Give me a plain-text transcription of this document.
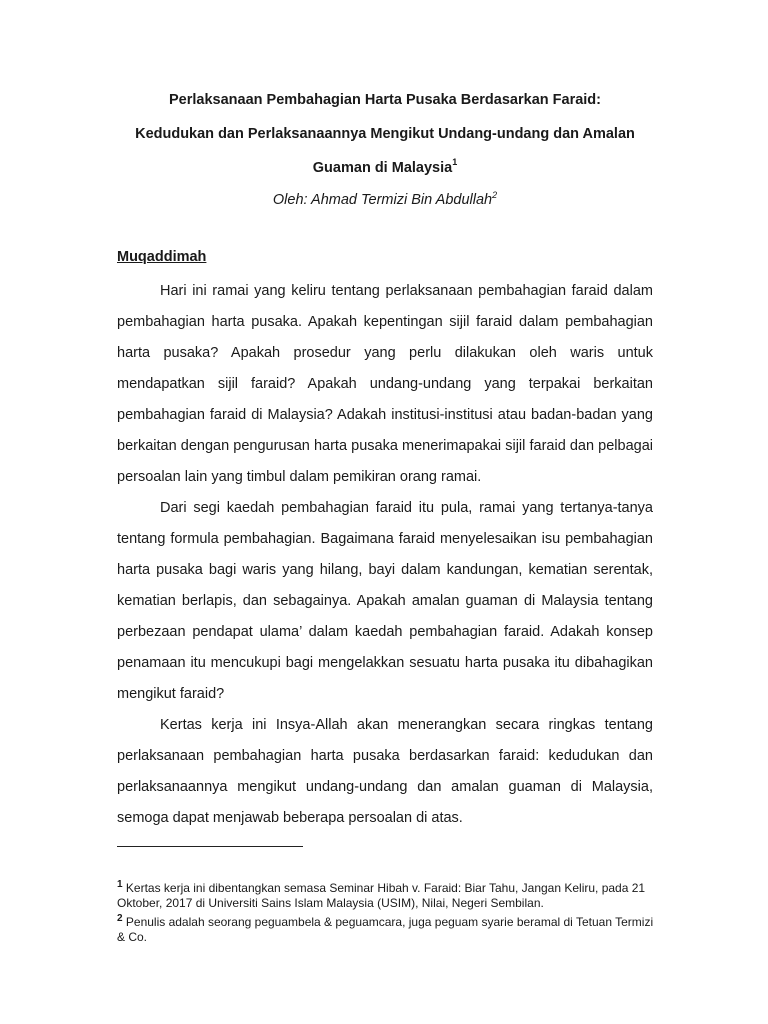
Perlaksanaan Pembahagian Harta Pusaka Berdasarkan Faraid:
Kedudukan dan Perlaksanaannya Mengikut Undang-undang dan Amalan
Guaman di Malaysia$^1$
Oleh: Ahmad Termizi Bin Abdullah$^2$
Muqaddimah

Hari ini ramai yang keliru tentang perlaksanaan pembahagian faraid dalam pembahagian harta pusaka. Apakah kepentingan sijil faraid dalam pembahagian harta pusaka? Apakah prosedur yang perlu dilakukan oleh waris untuk mendapatkan sijil faraid? Apakah undang-undang yang terpakai berkaitan pembahagian faraid di Malaysia? Adakah institusi-institusi atau badan-badan yang berkaitan dengan pengurusan harta pusaka menerimapakai sijil faraid dan pelbagai persoalan lain yang timbul dalam pemikiran orang ramai.

Dari segi kaedah pembahagian faraid itu pula, ramai yang tertanya-tanya tentang formula pembahagian. Bagaimana faraid menyelesaikan isu pembahagian harta pusaka bagi waris yang hilang, bayi dalam kandungan, kematian serentak, kematian berlapis, dan sebagainya. Apakah amalan guaman di Malaysia tentang perbezaan pendapat ulama’ dalam kaedah pembahagian faraid. Adakah konsep penamaan itu mencukupi bagi mengelakkan sesuatu harta pusaka itu dibahagikan mengikut faraid?

Kertas kerja ini Insya-Allah akan menerangkan secara ringkas tentang perlaksanaan pembahagian harta pusaka berdasarkan faraid: kedudukan dan perlaksanaannya mengikut undang-undang dan amalan guaman di Malaysia, semoga dapat menjawab beberapa persoalan di atas.

$^1$ Kertas kerja ini dibentangkan semasa Seminar Hibah v. Faraid: Biar Tahu, Jangan Keliru, pada 21 Oktober, 2017 di Universiti Sains Islam Malaysia (USIM), Nilai, Negeri Sembilan.

$^2$ Penulis adalah seorang peguambela & peguamcara, juga peguam syarie beramal di Tetuan Termizi & Co.
